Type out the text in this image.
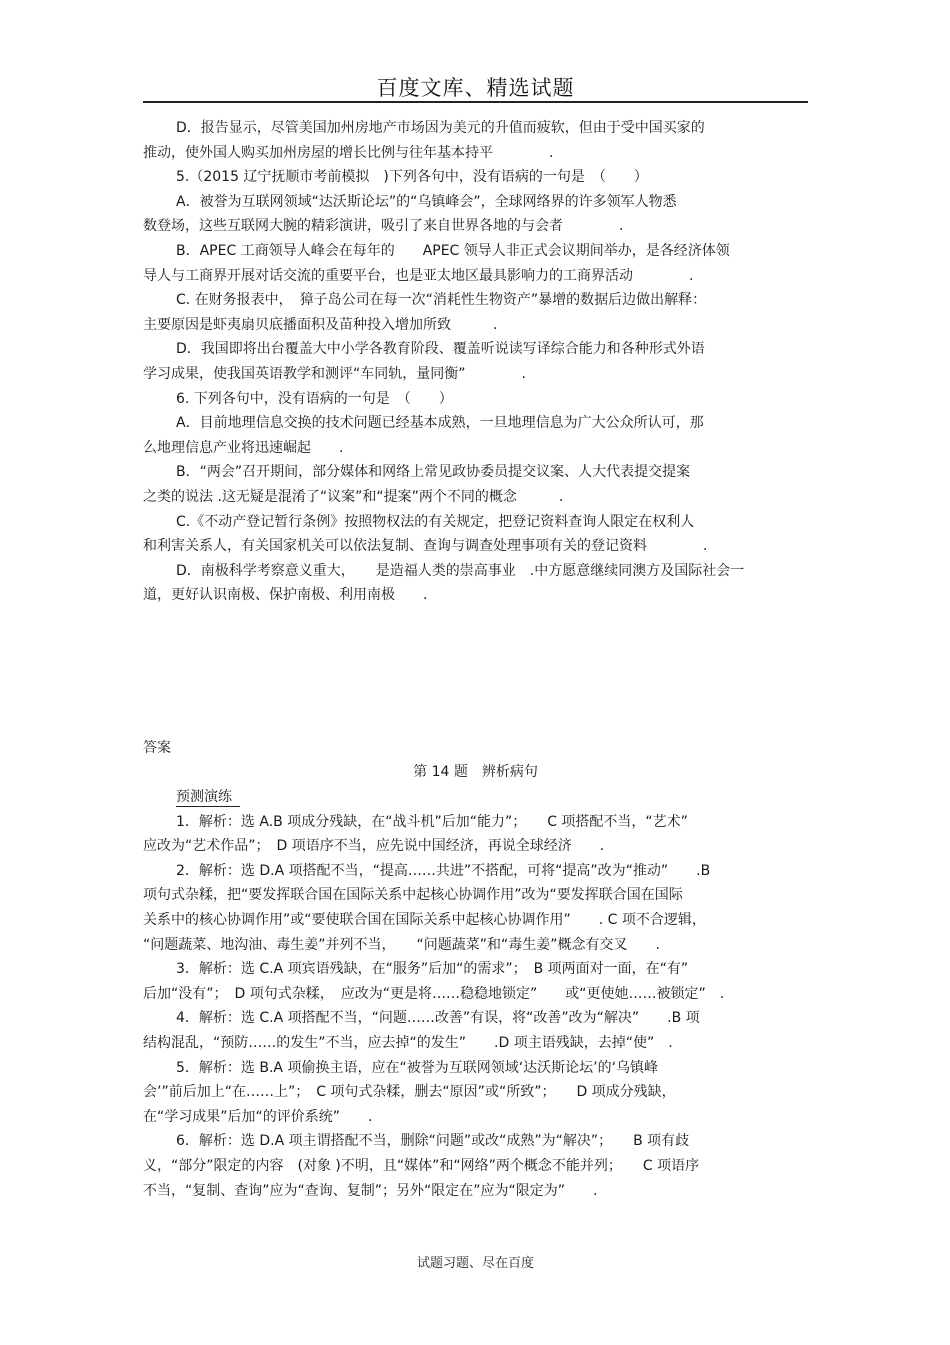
百度文库、精选试题

D．报告显示，尽管美国加州房地产市场因为美元的升值而疲软，但由于受中国买家的

推动，使外国人购买加州房屋的增长比例与往年基本持平　　　　.

5.（2015 辽宁抚顺市考前模拟　)下列各句中，没有语病的一句是　（　　）

A．被誉为互联网领域“达沃斯论坛”的“乌镇峰会”，全球网络界的许多领军人物悉

数登场，这些互联网大腕的精彩演讲，吸引了来自世界各地的与会者　　　　.

B．APEC 工商领导人峰会在每年的　　APEC 领导人非正式会议期间举办，是各经济体领

导人与工商界开展对话交流的重要平台，也是亚太地区最具影响力的工商界活动　　　　.

C. 在财务报表中，　獐子岛公司在每一次“消耗性生物资产”暴增的数据后边做出解释：

主要原因是虾夷扇贝底播面积及苗种投入增加所致　　　.

D．我国即将出台覆盖大中小学各教育阶段、覆盖听说读写译综合能力和各种形式外语

学习成果，使我国英语教学和测评“车同轨，量同衡”　　　　.

6. 下列各句中，没有语病的一句是　（　　）

A．目前地理信息交换的技术问题已经基本成熟，一旦地理信息为广大公众所认可，那

么地理信息产业将迅速崛起　　.

B．“两会”召开期间，部分媒体和网络上常见政协委员提交议案、人大代表提交提案

之类的说法 .这无疑是混淆了“议案”和“提案”两个不同的概念　　　.

C.《不动产登记暂行条例》按照物权法的有关规定，把登记资料查询人限定在权利人

和利害关系人，有关国家机关可以依法复制、查询与调查处理事项有关的登记资料　　　　.

D．南极科学考察意义重大，　　是造福人类的崇高事业　.中方愿意继续同澳方及国际社会一

道，更好认识南极、保护南极、利用南极　　.

答案

第 14 题　辨析病句

预测演练

1．解析：选 A.B 项成分残缺，在“战斗机”后加“能力”；　　C 项搭配不当，“艺术”

应改为“艺术作品”；　D 项语序不当，应先说中国经济，再说全球经济　　.

2．解析：选 D.A 项搭配不当，“提高……共进”不搭配，可将“提高”改为“推动”　　.B

项句式杂糅，把“要发挥联合国在国际关系中起核心协调作用”改为“要发挥联合国在国际

关系中的核心协调作用”或“要使联合国在国际关系中起核心协调作用”　　. C 项不合逻辑，

“问题蔬菜、地沟油、毒生姜”并列不当，　　“问题蔬菜”和“毒生姜”概念有交叉　　.

3．解析：选 C.A 项宾语残缺，在“服务”后加“的需求”；　B 项两面对一面，在“有”

后加“没有”；　D 项句式杂糅，　应改为“更是将……稳稳地锁定”　　或“更使她……被锁定”　.

4．解析：选 C.A 项搭配不当，“问题……改善”有误，将“改善”改为“解决”　　.B 项

结构混乱，“预防……的发生”不当，应去掉“的发生”　　.D 项主语残缺，去掉“使”　.

5．解析：选 B.A 项偷换主语，应在“被誉为互联网领域‘达沃斯论坛’的‘乌镇峰

会’”前后加上“在……上”；　C 项句式杂糅，删去“原因”或“所致”；　　D 项成分残缺，

在“学习成果”后加“的评价系统”　　.

6．解析：选 D.A 项主谓搭配不当，删除“问题”或改“成熟”为“解决”；　　B 项有歧

义，“部分”限定的内容　(对象 )不明，且“媒体”和“网络”两个概念不能并列；　　C 项语序

不当，“复制、查询”应为“查询、复制”；另外“限定在”应为“限定为”　　.

试题习题、尽在百度
